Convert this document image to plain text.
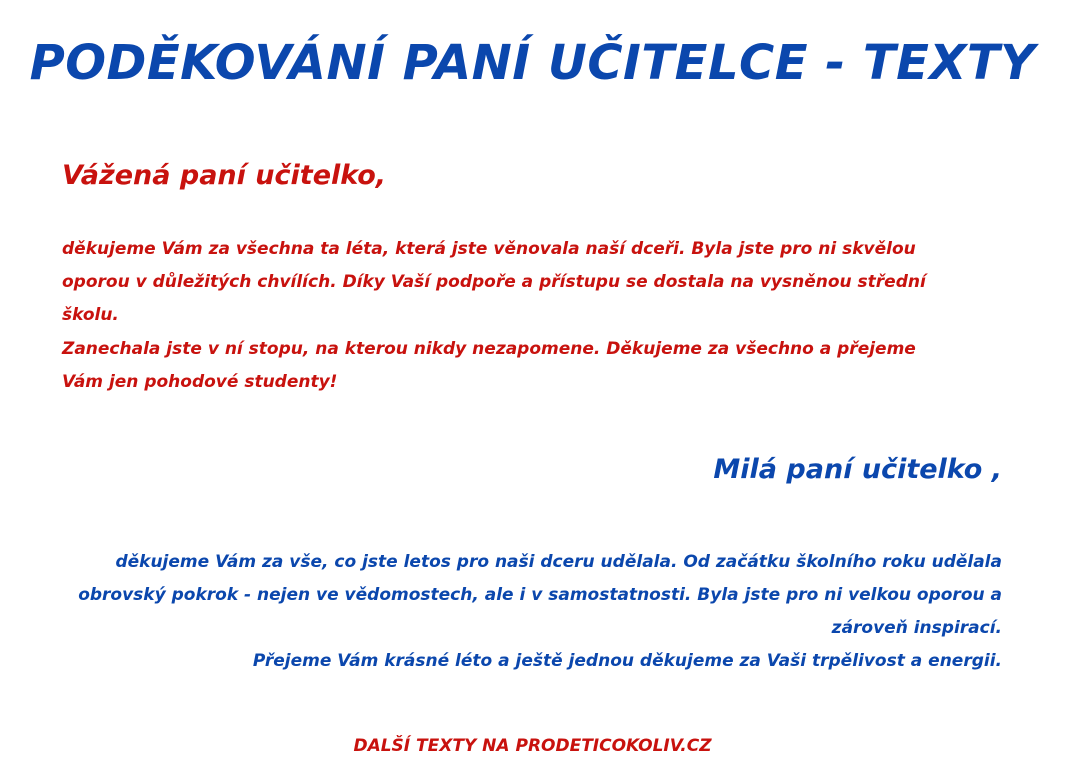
PODĚKOVÁNÍ PANÍ UČITELCE - TEXTY
Vážená paní učitelko,

děkujeme Vám za všechna ta léta, která jste věnovala naší dceři. Byla jste pro ni skvělou oporou v důležitých chvílích. Díky Vaší podpoře a přístupu se dostala na vysněnou střední školu.

Zanechala jste v ní stopu, na kterou nikdy nezapomene. Děkujeme za všechno a přejeme Vám jen pohodové studenty!

Milá paní učitelko ,

děkujeme Vám za vše, co jste letos pro naši dceru udělala. Od začátku školního roku udělala obrovský pokrok - nejen ve vědomostech, ale i v samostatnosti. Byla jste pro ni velkou oporou a zároveň inspirací.

Přejeme Vám krásné léto a ještě jednou děkujeme za Vaši trpělivost a energii.

DALŠÍ TEXTY NA PRODETICOKOLIV.CZ
